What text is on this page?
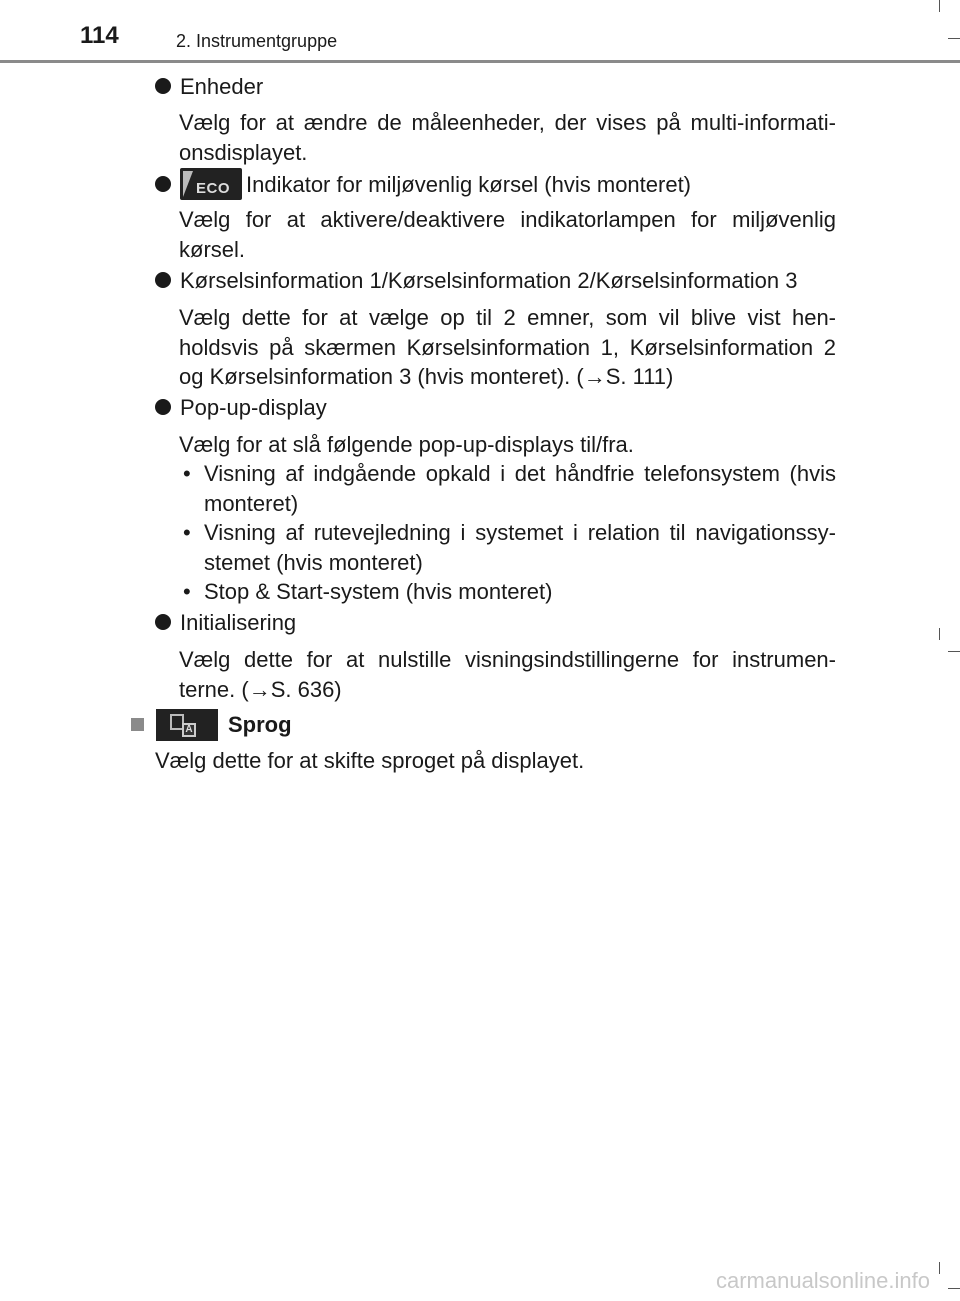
114	2. Instrumentgruppe
Enheder
Vælg for at ændre de måleenheder, der vises på multi-informati-onsdisplayet.
ECO Indikator for miljøvenlig kørsel (hvis monteret)
Vælg for at aktivere/deaktivere indikatorlampen for miljøvenlig kørsel.
Kørselsinformation 1/Kørselsinformation 2/Kørselsinformation 3
Vælg dette for at vælge op til 2 emner, som vil blive vist hen-holdsvis på skærmen Kørselsinformation 1, Kørselsinformation 2 og Kørselsinformation 3 (hvis monteret). (→S. 111)
Pop-up-display
Vælg for at slå følgende pop-up-displays til/fra.
• Visning af indgående opkald i det håndfrie telefonsystem (hvis monteret)
• Visning af rutevejledning i systemet i relation til navigationssy-stemet (hvis monteret)
• Stop & Start-system (hvis monteret)
Initialisering
Vælg dette for at nulstille visningsindstillingerne for instrumen-terne. (→S. 636)
A Sprog
Vælg dette for at skifte sproget på displayet.
carmanualsonline.info
